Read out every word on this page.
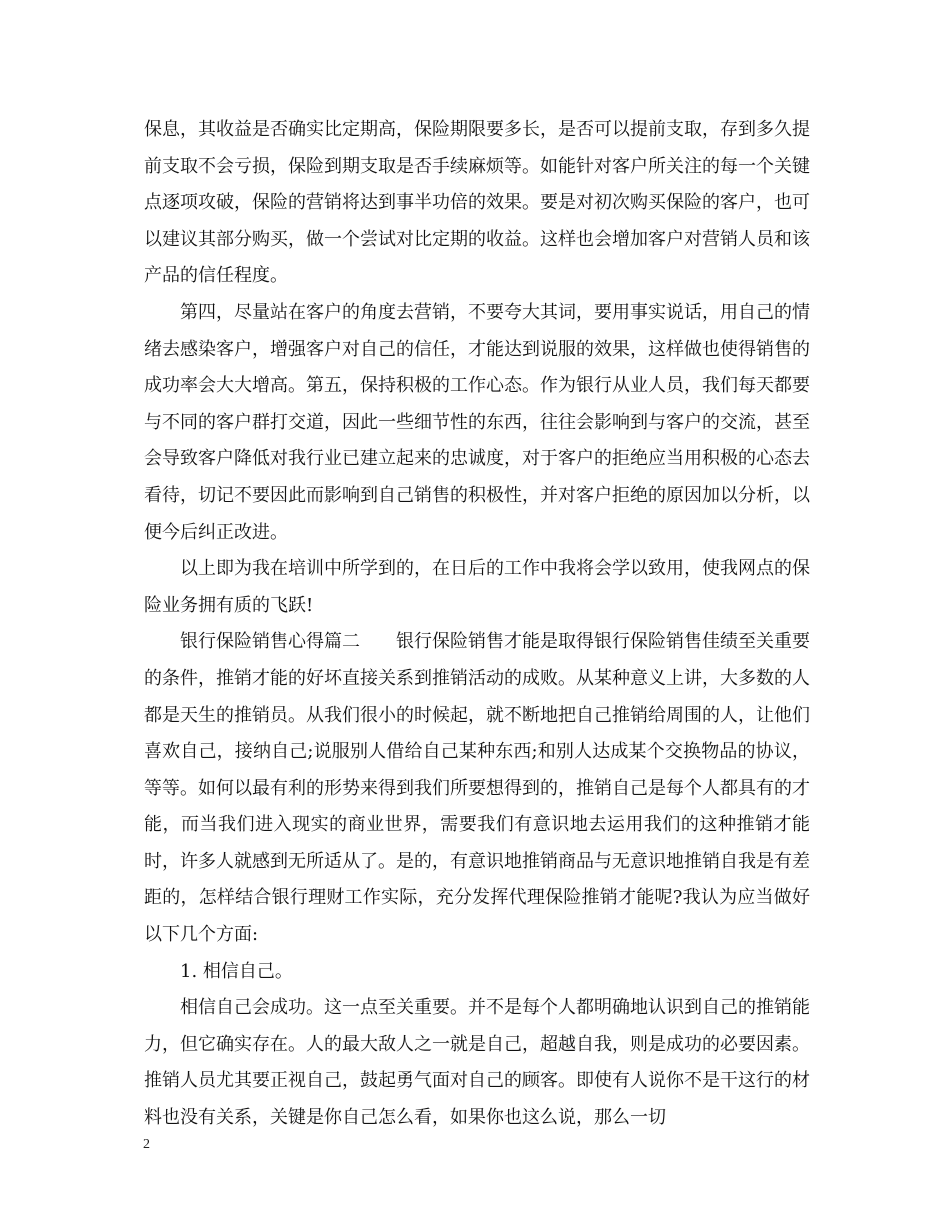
保息，其收益是否确实比定期高，保险期限要多长，是否可以提前支取，存到多久提前支取不会亏损，保险到期支取是否手续麻烦等。如能针对客户所关注的每一个关键点逐项攻破，保险的营销将达到事半功倍的效果。要是对初次购买保险的客户，也可以建议其部分购买，做一个尝试对比定期的收益。这样也会增加客户对营销人员和该产品的信任程度。

第四，尽量站在客户的角度去营销，不要夸大其词，要用事实说话，用自己的情绪去感染客户，增强客户对自己的信任，才能达到说服的效果，这样做也使得销售的成功率会大大增高。第五，保持积极的工作心态。作为银行从业人员，我们每天都要与不同的客户群打交道，因此一些细节性的东西，往往会影响到与客户的交流，甚至会导致客户降低对我行业已建立起来的忠诚度，对于客户的拒绝应当用积极的心态去看待，切记不要因此而影响到自己销售的积极性，并对客户拒绝的原因加以分析，以便今后纠正改进。

以上即为我在培训中所学到的，在日后的工作中我将会学以致用，使我网点的保险业务拥有质的飞跃!

银行保险销售心得篇二　　银行保险销售才能是取得银行保险销售佳绩至关重要的条件，推销才能的好坏直接关系到推销活动的成败。从某种意义上讲，大多数的人都是天生的推销员。从我们很小的时候起，就不断地把自己推销给周围的人，让他们喜欢自己，接纳自己;说服别人借给自己某种东西;和别人达成某个交换物品的协议，等等。如何以最有利的形势来得到我们所要想得到的，推销自己是每个人都具有的才能，而当我们进入现实的商业世界，需要我们有意识地去运用我们的这种推销才能时，许多人就感到无所适从了。是的，有意识地推销商品与无意识地推销自我是有差距的，怎样结合银行理财工作实际，充分发挥代理保险推销才能呢?我认为应当做好以下几个方面:

1. 相信自己。

相信自己会成功。这一点至关重要。并不是每个人都明确地认识到自己的推销能力，但它确实存在。人的最大敌人之一就是自己，超越自我，则是成功的必要因素。推销人员尤其要正视自己，鼓起勇气面对自己的顾客。即使有人说你不是干这行的材料也没有关系，关键是你自己怎么看，如果你也这么说，那么一切

2
